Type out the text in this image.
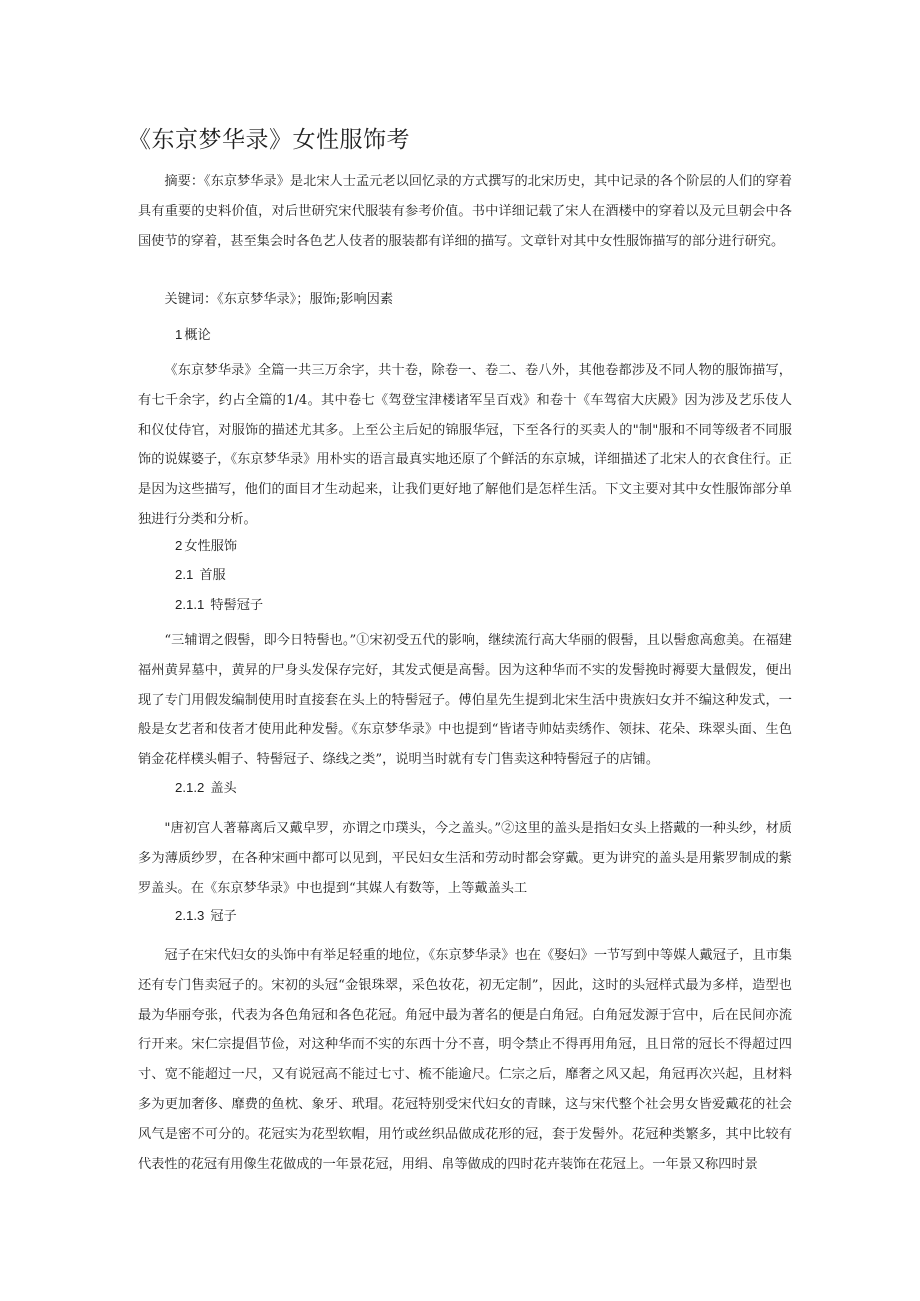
《东京梦华录》女性服饰考

摘要：《东京梦华录》是北宋人士孟元老以回忆录的方式撰写的北宋历史，其中记录的各个阶层的人们的穿着具有重要的史料价值，对后世研究宋代服装有参考价值。书中详细记载了宋人在酒楼中的穿着以及元旦朝会中各国使节的穿着，甚至集会时各色艺人伎者的服装都有详细的描写。文章针对其中女性服饰描写的部分进行研究。

关键词：《东京梦华录》；服饰;影响因素

1 概论

《东京梦华录》全篇一共三万余字，共十卷，除卷一、卷二、卷八外，其他卷都涉及不同人物的服饰描写，有七千余字，约占全篇的1/4。其中卷七《驾登宝津楼诸军呈百戏》和卷十《车驾宿大庆殿》因为涉及艺乐伎人和仪仗侍官，对服饰的描述尤其多。上至公主后妃的锦服华冠，下至各行的买卖人的"制"服和不同等级者不同服饰的说媒婆子，《东京梦华录》用朴实的语言最真实地还原了个鲜活的东京城，详细描述了北宋人的衣食住行。正是因为这些描写，他们的面目才生动起来，让我们更好地了解他们是怎样生活。下文主要对其中女性服饰部分单独进行分类和分析。

2 女性服饰
2.1 首服
2.1.1 特髻冠子

“三辅谓之假髻，即今日特髻也。”①宋初受五代的影响，继续流行高大华丽的假髻，且以髻愈高愈美。在福建福州黄昇墓中，黄昇的尸身头发保存完好，其发式便是高髻。因为这种华而不实的发髻挽时褥要大量假发，便出现了专门用假发编制使用时直接套在头上的特髻冠子。傅伯星先生提到北宋生活中贵族妇女并不编这种发式，一般是女艺者和伎者才使用此种发髻。《东京梦华录》中也提到“皆诸寺帅姑卖绣作、领抹、花朵、珠翠头面、生色销金花样樸头帽子、特髻冠子、绦线之类”，说明当时就有专门售卖这种特髻冠子的店铺。

2.1.2 盖头

"唐初宫人著幕离后又戴皁罗，亦谓之巾璞头，今之盖头。”②这里的盖头是指妇女头上搭戴的一种头纱，材质多为薄质纱罗，在各种宋画中都可以见到，平民妇女生活和劳动时都会穿戴。更为讲究的盖头是用紫罗制成的紫罗盖头。在《东京梦华录》中也提到“其媒人有数等，上等戴盖头工

2.1.3 冠子

冠子在宋代妇女的头饰中有举足轻重的地位，《东京梦华录》也在《娶妇》一节写到中等媒人戴冠子，且市集还有专门售卖冠子的。宋初的头冠“金银珠翠，采色妆花，初无定制”，因此，这时的头冠样式最为多样，造型也最为华丽夸张，代表为各色角冠和各色花冠。角冠中最为著名的便是白角冠。白角冠发源于宫中，后在民间亦流行开来。宋仁宗提倡节俭，对这种华而不实的东西十分不喜，明令禁止不得再用角冠，且日常的冠长不得超过四寸、宽不能超过一尺，又有说冠高不能过七寸、梳不能逾尺。仁宗之后，靡奢之风又起，角冠再次兴起，且材料多为更加奢侈、靡费的鱼枕、象牙、玳瑁。花冠特别受宋代妇女的青睐，这与宋代整个社会男女皆爱戴花的社会风气是密不可分的。花冠实为花型软帽，用竹或丝织品做成花形的冠，套于发髻外。花冠种类繁多，其中比较有代表性的花冠有用像生花做成的一年景花冠，用绢、帛等做成的四时花卉装饰在花冠上。一年景又称四时景
